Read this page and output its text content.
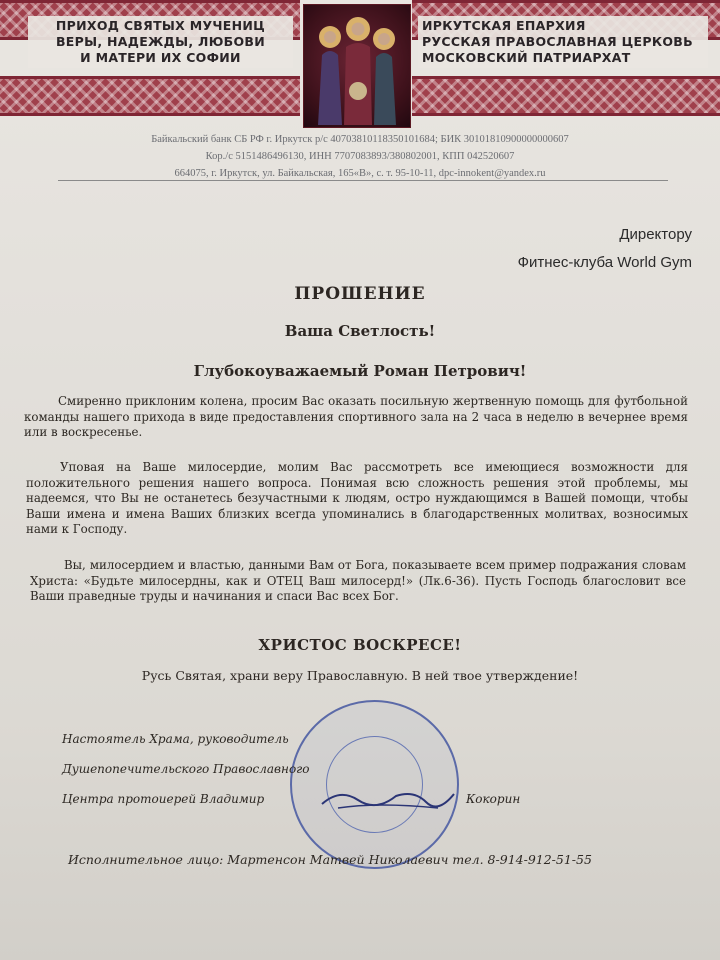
ПРИХОД СВЯТЫХ МУЧЕНИЦ
ВЕРЫ, НАДЕЖДЫ, ЛЮБОВИ
И МАТЕРИ ИХ СОФИИ
ИРКУТСКАЯ ЕПАРХИЯ
РУССКАЯ ПРАВОСЛАВНАЯ ЦЕРКОВЬ
МОСКОВСКИЙ ПАТРИАРХАТ
Байкальский банк СБ РФ г. Иркутск р/с 40703810118350101684; БИК 30101810900000000607
Кор./с 5151486496130, ИНН 7707083893/380802001, КПП 042520607
664075, г. Иркутск, ул. Байкальская, 165«В», с. т. 95-10-11, dpc-innokent@yandex.ru
Директору
Фитнес-клуба World Gym
ПРОШЕНИЕ
Ваша Светлость!
Глубокоуважаемый Роман Петрович!
Смиренно приклоним колена, просим Вас оказать посильную жертвенную помощь для футбольной команды нашего прихода в виде предоставления спортивного зала на 2 часа в неделю в вечернее время или в воскресенье.
Уповая на Ваше милосердие, молим Вас рассмотреть все имеющиеся возможности для положительного решения нашего вопроса. Понимая всю сложность решения этой проблемы, мы надеемся, что Вы не останетесь безучастными к людям, остро нуждающимся в Вашей помощи, чтобы Ваши имена и имена Ваших близких всегда упоминались в благодарственных молитвах, возносимых нами к Господу.
Вы, милосердием и властью, данными Вам от Бога, показываете всем пример подражания словам Христа: «Будьте милосердны, как и ОТЕЦ Ваш милосерд!» (Лк.6-36). Пусть Господь благословит все Ваши праведные труды и начинания и спаси Вас всех Бог.
ХРИСТОС ВОСКРЕСЕ!
Русь Святая, храни веру Православную. В ней твое утверждение!
Настоятель Храма, руководитель
Душепопечительского Православного
Центра протоиерей Владимир	Кокорин
Исполнительное лицо: Мартенсон Матвей Николаевич тел. 8-914-912-51-55
